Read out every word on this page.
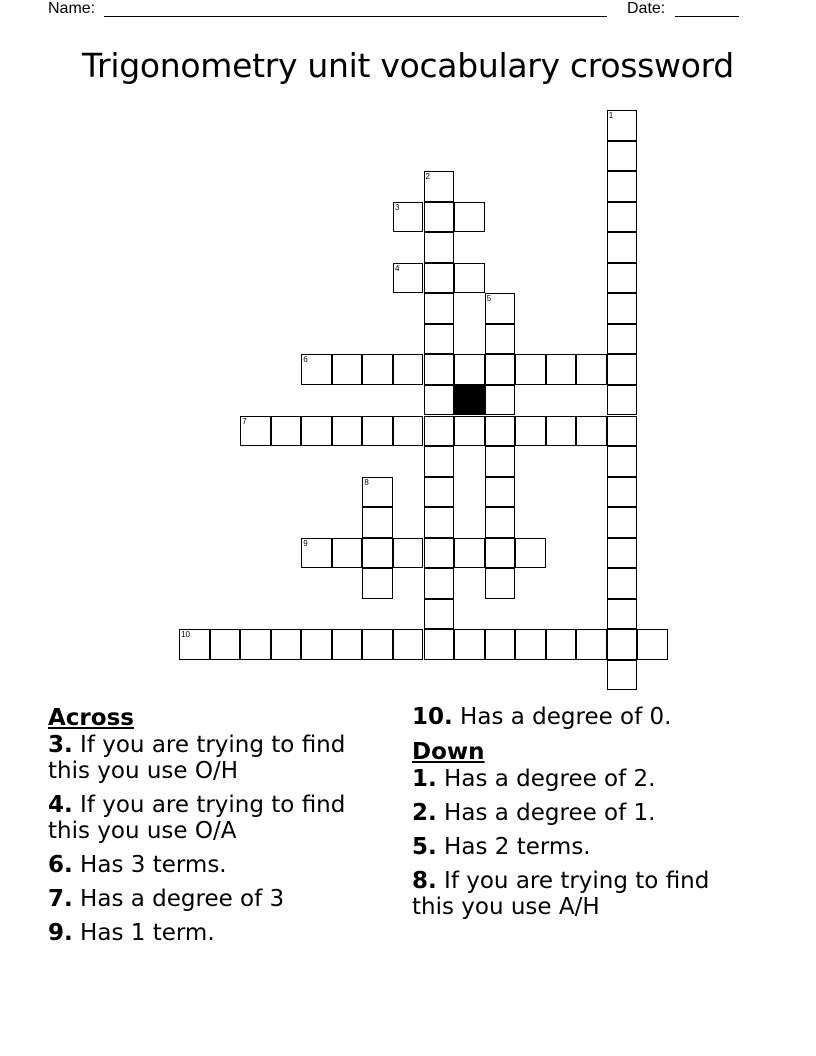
Name:	Date:
Trigonometry unit vocabulary crossword
1
2
3
4
5
6
7
8
9
10

Across

3. If you are trying to find this you use O/H

4. If you are trying to find this you use O/A

6. Has 3 terms.

7. Has a degree of 3

9. Has 1 term.

10. Has a degree of 0.

Down

1. Has a degree of 2.

2. Has a degree of 1.

5. Has 2 terms.

8. If you are trying to find this you use A/H
